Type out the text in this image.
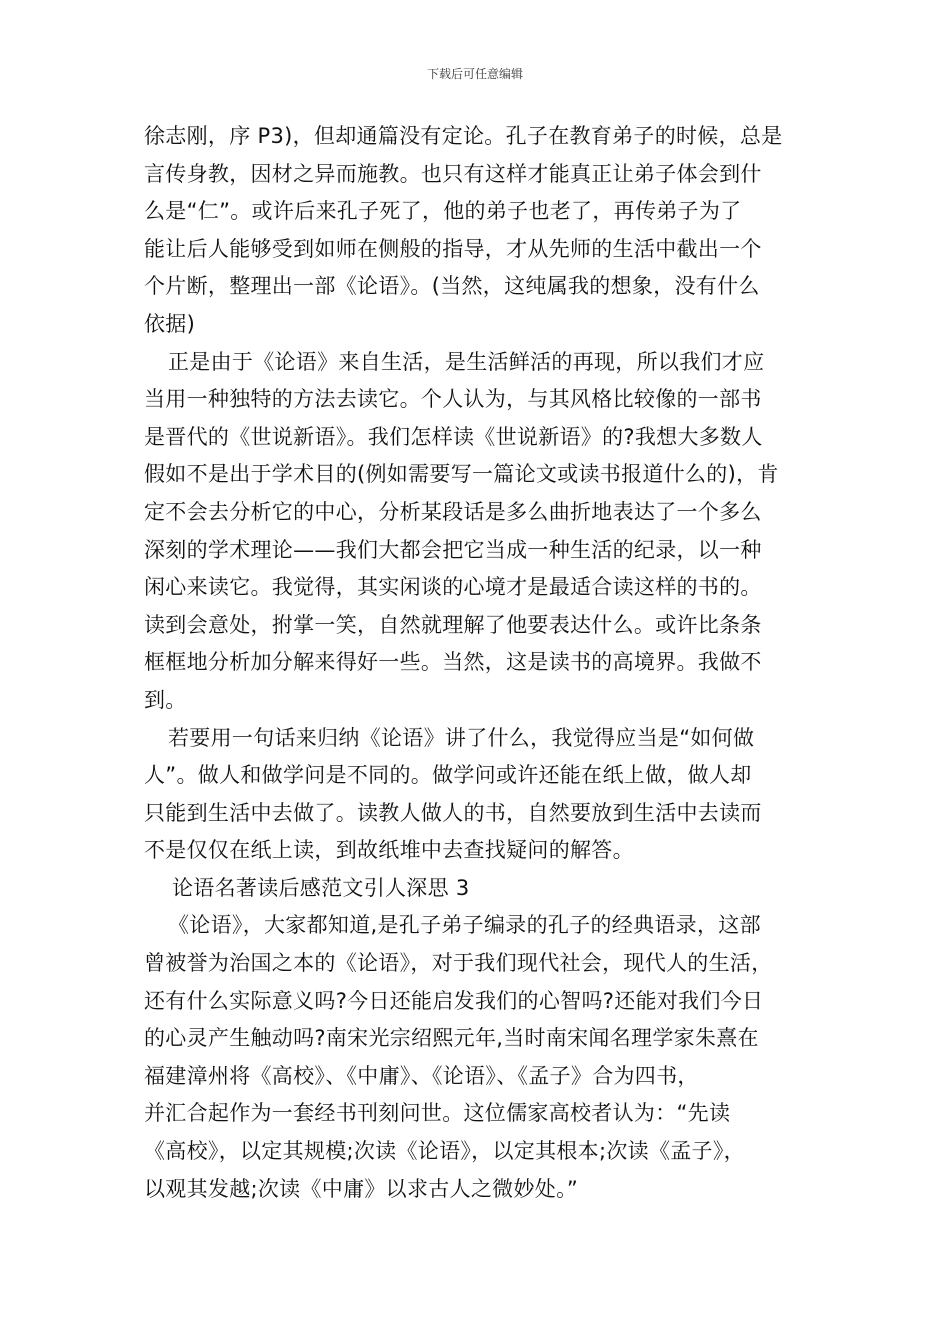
下载后可任意编辑
徐志刚，序 P3)，但却通篇没有定论。孔子在教育弟子的时候，总是
言传身教，因材之异而施教。也只有这样才能真正让弟子体会到什
么是“仁”。或许后来孔子死了，他的弟子也老了，再传弟子为了
能让后人能够受到如师在侧般的指导，才从先师的生活中截出一个
个片断，整理出一部《论语》。(当然，这纯属我的想象，没有什么
依据)
正是由于《论语》来自生活，是生活鲜活的再现，所以我们才应
当用一种独特的方法去读它。个人认为，与其风格比较像的一部书
是晋代的《世说新语》。我们怎样读《世说新语》的?我想大多数人
假如不是出于学术目的(例如需要写一篇论文或读书报道什么的)，肯
定不会去分析它的中心，分析某段话是多么曲折地表达了一个多么
深刻的学术理论——我们大都会把它当成一种生活的纪录，以一种
闲心来读它。我觉得，其实闲谈的心境才是最适合读这样的书的。
读到会意处，拊掌一笑，自然就理解了他要表达什么。或许比条条
框框地分析加分解来得好一些。当然，这是读书的高境界。我做不
到。
若要用一句话来归纳《论语》讲了什么，我觉得应当是“如何做
人”。做人和做学问是不同的。做学问或许还能在纸上做，做人却
只能到生活中去做了。读教人做人的书，自然要放到生活中去读而
不是仅仅在纸上读，到故纸堆中去查找疑问的解答。
论语名著读后感范文引人深思 3
《论语》，大家都知道,是孔子弟子编录的孔子的经典语录，这部
曾被誉为治国之本的《论语》，对于我们现代社会，现代人的生活，
还有什么实际意义吗?今日还能启发我们的心智吗?还能对我们今日
的心灵产生触动吗?南宋光宗绍熙元年,当时南宋闻名理学家朱熹在
福建漳州将《高校》、《中庸》、《论语》、《孟子》合为四书，
并汇合起作为一套经书刊刻问世。这位儒家高校者认为：“先读
《高校》，以定其规模;次读《论语》，以定其根本;次读《孟子》，
以观其发越;次读《中庸》以求古人之微妙处。”
